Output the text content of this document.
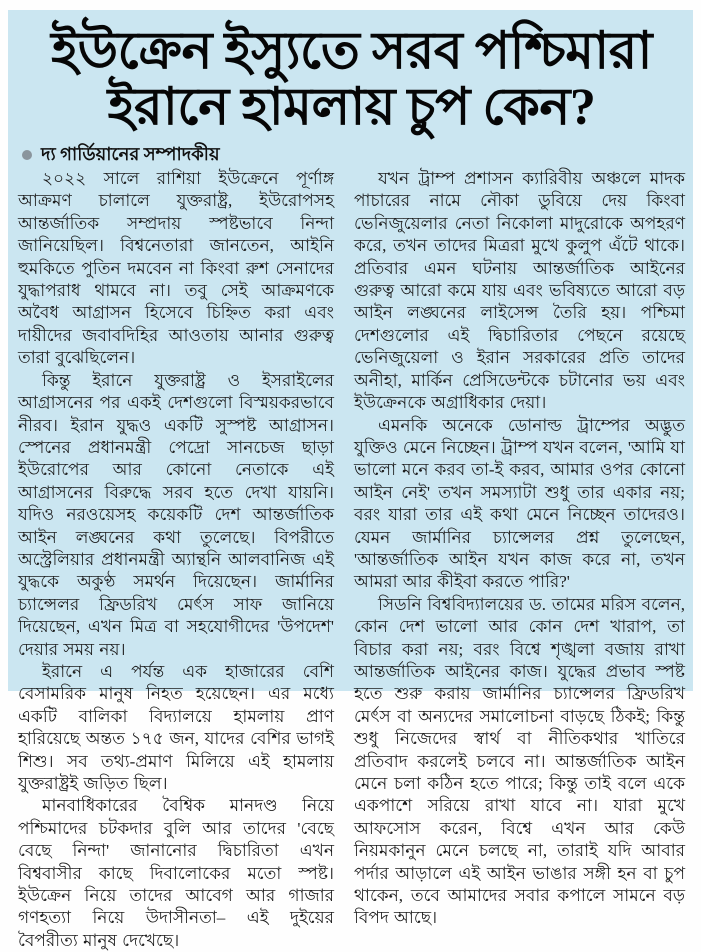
ইউক্রেন ইস্যুতে সরব পশ্চিমারা
ইরানে হামলায় চুপ কেন?
দ্য গার্ডিয়ানের সম্পাদকীয়

২০২২ সালে রাশিয়া ইউক্রেনে পূর্ণাঙ্গ আক্রমণ চালালে যুক্তরাষ্ট্র, ইউরোপসহ আন্তর্জাতিক সম্প্রদায় স্পষ্টভাবে নিন্দা জানিয়েছিল। বিশ্বনেতারা জানতেন, আইনি হুমকিতে পুতিন দমবেন না কিংবা রুশ সেনাদের যুদ্ধাপরাধ থামবে না। তবু সেই আক্রমণকে অবৈধ আগ্রাসন হিসেবে চিহ্নিত করা এবং দায়ীদের জবাবদিহির আওতায় আনার গুরুত্ব তারা বুঝেছিলেন।

কিন্তু ইরানে যুক্তরাষ্ট্র ও ইসরাইলের আগ্রাসনের পর একই দেশগুলো বিস্ময়করভাবে নীরব। ইরান যুদ্ধও একটি সুস্পষ্ট আগ্রাসন। স্পেনের প্রধানমন্ত্রী পেদ্রো সানচেজ ছাড়া ইউরোপের আর কোনো নেতাকে এই আগ্রাসনের বিরুদ্ধে সরব হতে দেখা যায়নি। যদিও নরওয়েসহ কয়েকটি দেশ আন্তর্জাতিক আইন লঙ্ঘনের কথা তুলেছে। বিপরীতে অস্ট্রেলিয়ার প্রধানমন্ত্রী অ্যান্থনি আলবানিজ এই যুদ্ধকে অকুণ্ঠ সমর্থন দিয়েছেন। জার্মানির চ্যান্সেলর ফ্রিডরিখ মের্ৎস সাফ জানিয়ে দিয়েছেন, এখন মিত্র বা সহযোগীদের 'উপদেশ' দেয়ার সময় নয়।

ইরানে এ পর্যন্ত এক হাজারের বেশি বেসামরিক মানুষ নিহত হয়েছেন। এর মধ্যে একটি বালিকা বিদ্যালয়ে হামলায় প্রাণ হারিয়েছে অন্তত ১৭৫ জন, যাদের বেশির ভাগই শিশু। সব তথ্য-প্রমাণ মিলিয়ে এই হামলায় যুক্তরাষ্ট্রই জড়িত ছিল।

মানবাধিকারের বৈশ্বিক মানদণ্ড নিয়ে পশ্চিমাদের চটকদার বুলি আর তাদের 'বেছে বেছে নিন্দা' জানানোর দ্বিচারিতা এখন বিশ্ববাসীর কাছে দিবালোকের মতো স্পষ্ট। ইউক্রেন নিয়ে তাদের আবেগ আর গাজার গণহত্যা নিয়ে উদাসীনতা– এই দুইয়ের বৈপরীত্য মানুষ দেখেছে।

যখন ট্রাম্প প্রশাসন ক্যারিবীয় অঞ্চলে মাদক পাচারের নামে নৌকা ডুবিয়ে দেয় কিংবা ভেনিজুয়েলার নেতা নিকোলা মাদুরোকে অপহরণ করে, তখন তাদের মিত্ররা মুখে কুলুপ এঁটে থাকে। প্রতিবার এমন ঘটনায় আন্তর্জাতিক আইনের গুরুত্ব আরো কমে যায় এবং ভবিষ্যতে আরো বড় আইন লঙ্ঘনের লাইসেন্স তৈরি হয়। পশ্চিমা দেশগুলোর এই দ্বিচারিতার পেছনে রয়েছে ভেনিজুয়েলা ও ইরান সরকারের প্রতি তাদের অনীহা, মার্কিন প্রেসিডেন্টকে চটানোর ভয় এবং ইউক্রেনকে অগ্রাধিকার দেয়া।

এমনকি অনেকে ডোনাল্ড ট্রাম্পের অদ্ভুত যুক্তিও মেনে নিচ্ছেন। ট্রাম্প যখন বলেন, 'আমি যা ভালো মনে করব তা-ই করব, আমার ওপর কোনো আইন নেই' তখন সমস্যাটা শুধু তার একার নয়; বরং যারা তার এই কথা মেনে নিচ্ছেন তাদেরও। যেমন জার্মানির চ্যান্সেলর প্রশ্ন তুলেছেন, 'আন্তর্জাতিক আইন যখন কাজ করে না, তখন আমরা আর কীইবা করতে পারি?'

সিডনি বিশ্ববিদ্যালয়ের ড. তামের মরিস বলেন, কোন দেশ ভালো আর কোন দেশ খারাপ, তা বিচার করা নয়; বরং বিশ্বে শৃঙ্খলা বজায় রাখা আন্তর্জাতিক আইনের কাজ। যুদ্ধের প্রভাব স্পষ্ট হতে শুরু করায় জার্মানির চ্যান্সেলর ফ্রিডরিখ মের্ৎস বা অন্যদের সমালোচনা বাড়ছে ঠিকই; কিন্তু শুধু নিজেদের স্বার্থ বা নীতিকথার খাতিরে প্রতিবাদ করলেই চলবে না। আন্তর্জাতিক আইন মেনে চলা কঠিন হতে পারে; কিন্তু তাই বলে একে একপাশে সরিয়ে রাখা যাবে না। যারা মুখে আফসোস করেন, বিশ্বে এখন আর কেউ নিয়মকানুন মেনে চলছে না, তারাই যদি আবার পর্দার আড়ালে এই আইন ভাঙার সঙ্গী হন বা চুপ থাকেন, তবে আমাদের সবার কপালে সামনে বড় বিপদ আছে।
